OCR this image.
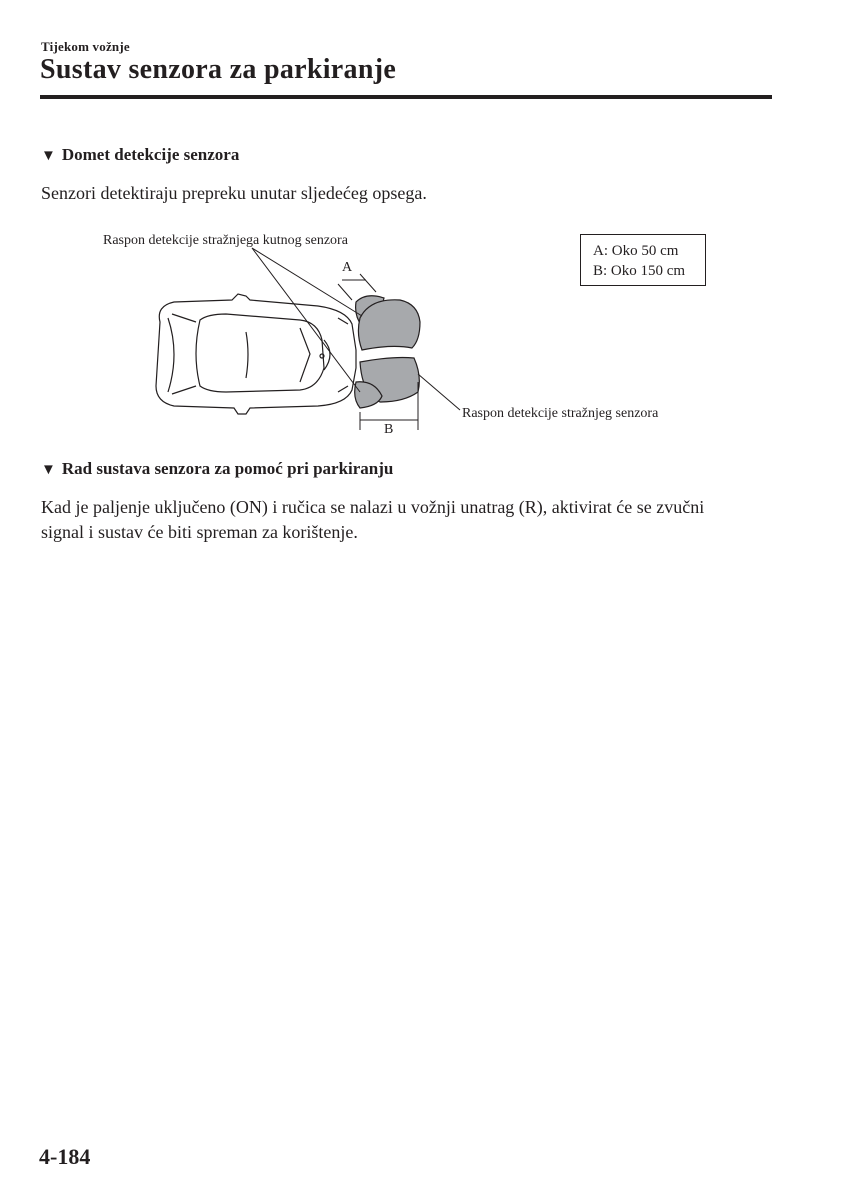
Tijekom vožnje
Sustav senzora za parkiranje
▼ Domet detekcije senzora

Senzori detektiraju prepreku unutar sljedećeg opsega.

Raspon detekcije stražnjega kutnog senzora
A
Raspon detekcije stražnjeg senzora
B
A: Oko 50 cm
B: Oko 150 cm
▼ Rad sustava senzora za pomoć pri parkiranju

Kad je paljenje uključeno (ON) i ručica se nalazi u vožnji unatrag (R), aktivirat će se zvučni
signal i sustav će biti spreman za korištenje.

4-184
